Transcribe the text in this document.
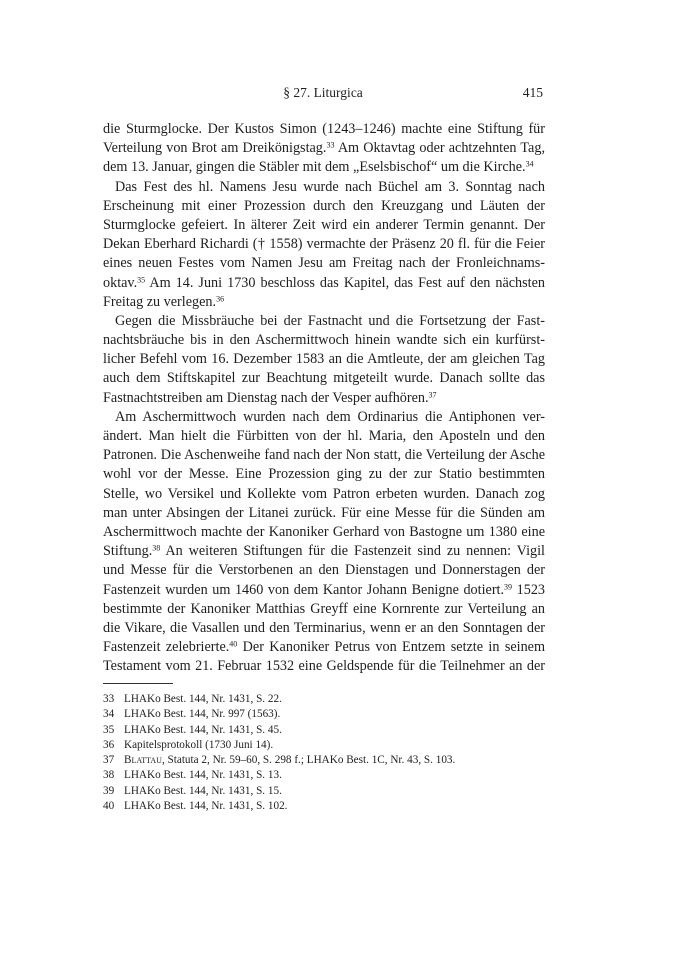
§ 27. Liturgica	415
die Sturmglocke. Der Kustos Simon (1243–1246) machte eine Stiftung für
Verteilung von Brot am Dreikönigstag.$^{33}$ Am Oktavtag oder achtzehnten Tag,
dem 13. Januar, gingen die Stäbler mit dem „Eselsbischof“ um die Kirche.$^{34}$
Das Fest des hl. Namens Jesu wurde nach Büchel am 3. Sonntag nach
Erscheinung mit einer Prozession durch den Kreuzgang und Läuten der
Sturmglocke gefeiert. In älterer Zeit wird ein anderer Termin genannt. Der
Dekan Eberhard Richardi († 1558) vermachte der Präsenz 20 fl. für die Feier
eines neuen Festes vom Namen Jesu am Freitag nach der Fronleichnams-
oktav.$^{35}$ Am 14. Juni 1730 beschloss das Kapitel, das Fest auf den nächsten
Freitag zu verlegen.$^{36}$
Gegen die Missbräuche bei der Fastnacht und die Fortsetzung der Fast-
nachtsbräuche bis in den Aschermittwoch hinein wandte sich ein kurfürst-
licher Befehl vom 16. Dezember 1583 an die Amtleute, der am gleichen Tag
auch dem Stiftskapitel zur Beachtung mitgeteilt wurde. Danach sollte das
Fastnachtstreiben am Dienstag nach der Vesper aufhören.$^{37}$
Am Aschermittwoch wurden nach dem Ordinarius die Antiphonen ver-
ändert. Man hielt die Fürbitten von der hl. Maria, den Aposteln und den
Patronen. Die Aschenweihe fand nach der Non statt, die Verteilung der Asche
wohl vor der Messe. Eine Prozession ging zu der zur Statio bestimmten
Stelle, wo Versikel und Kollekte vom Patron erbeten wurden. Danach zog
man unter Absingen der Litanei zurück. Für eine Messe für die Sünden am
Aschermittwoch machte der Kanoniker Gerhard von Bastogne um 1380 eine
Stiftung.$^{38}$ An weiteren Stiftungen für die Fastenzeit sind zu nennen: Vigil
und Messe für die Verstorbenen an den Dienstagen und Donnerstagen der
Fastenzeit wurden um 1460 von dem Kantor Johann Benigne dotiert.$^{39}$ 1523
bestimmte der Kanoniker Matthias Greyff eine Kornrente zur Verteilung an
die Vikare, die Vasallen und den Terminarius, wenn er an den Sonntagen der
Fastenzeit zelebrierte.$^{40}$ Der Kanoniker Petrus von Entzem setzte in seinem
Testament vom 21. Februar 1532 eine Geldspende für die Teilnehmer an der
33 LHAKo Best. 144, Nr. 1431, S. 22.
34 LHAKo Best. 144, Nr. 997 (1563).
35 LHAKo Best. 144, Nr. 1431, S. 45.
36 Kapitelsprotokoll (1730 Juni 14).
37 Blattau, Statuta 2, Nr. 59–60, S. 298 f.; LHAKo Best. 1C, Nr. 43, S. 103.
38 LHAKo Best. 144, Nr. 1431, S. 13.
39 LHAKo Best. 144, Nr. 1431, S. 15.
40 LHAKo Best. 144, Nr. 1431, S. 102.
